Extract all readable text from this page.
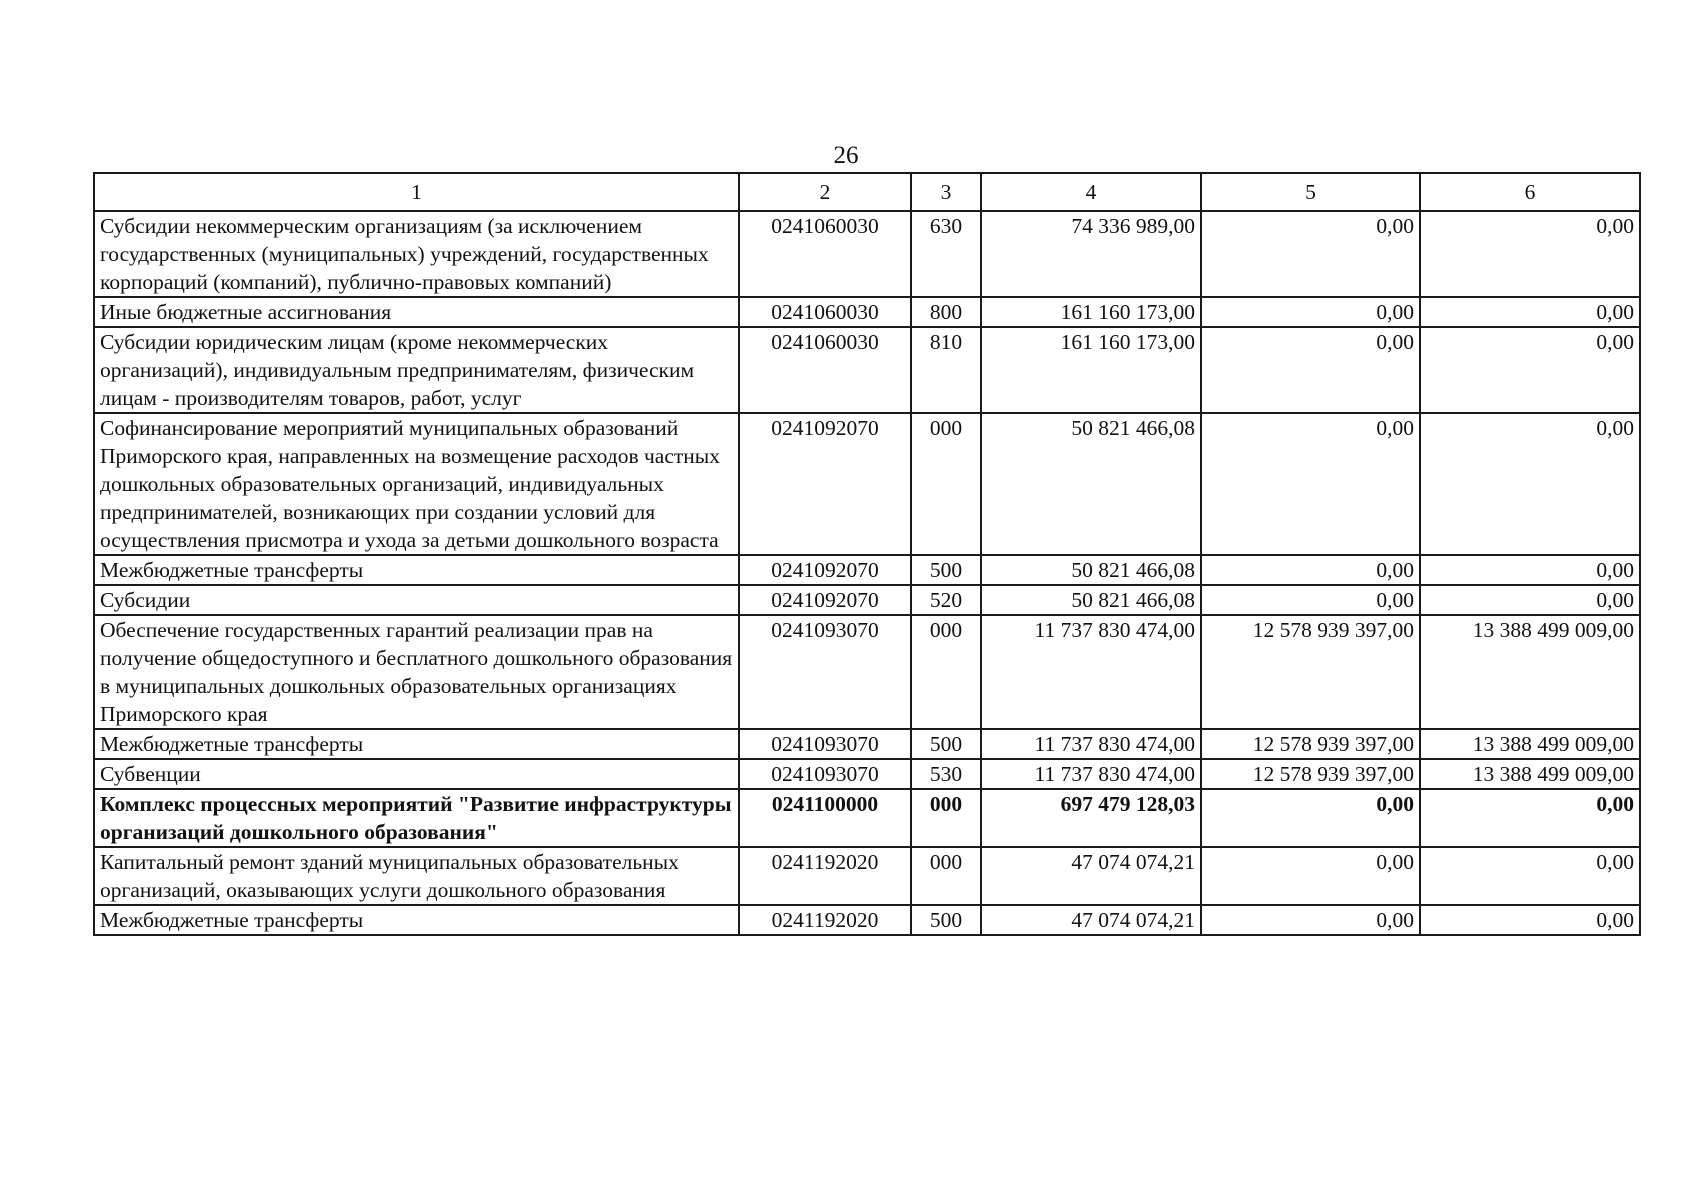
26
1	2	3	4	5	6
Субсидии некоммерческим организациям (за исключением государственных (муниципальных) учреждений, государственных корпораций (компаний), публично-правовых компаний)	0241060030	630	74 336 989,00	0,00	0,00
Иные бюджетные ассигнования	0241060030	800	161 160 173,00	0,00	0,00
Субсидии юридическим лицам (кроме некоммерческих организаций), индивидуальным предпринимателям, физическим лицам - производителям товаров, работ, услуг	0241060030	810	161 160 173,00	0,00	0,00
Софинансирование мероприятий муниципальных образований Приморского края, направленных на возмещение расходов частных дошкольных образовательных организаций, индивидуальных предпринимателей, возникающих при создании условий для осуществления присмотра и ухода за детьми дошкольного возраста	0241092070	000	50 821 466,08	0,00	0,00
Межбюджетные трансферты	0241092070	500	50 821 466,08	0,00	0,00
Субсидии	0241092070	520	50 821 466,08	0,00	0,00
Обеспечение государственных гарантий реализации прав на получение общедоступного и бесплатного дошкольного образования в муниципальных дошкольных образовательных организациях Приморского края	0241093070	000	11 737 830 474,00	12 578 939 397,00	13 388 499 009,00
Межбюджетные трансферты	0241093070	500	11 737 830 474,00	12 578 939 397,00	13 388 499 009,00
Субвенции	0241093070	530	11 737 830 474,00	12 578 939 397,00	13 388 499 009,00
Комплекс процессных мероприятий "Развитие инфраструктуры организаций дошкольного образования"	0241100000	000	697 479 128,03	0,00	0,00
Капитальный ремонт зданий муниципальных образовательных организаций, оказывающих услуги дошкольного образования	0241192020	000	47 074 074,21	0,00	0,00
Межбюджетные трансферты	0241192020	500	47 074 074,21	0,00	0,00
